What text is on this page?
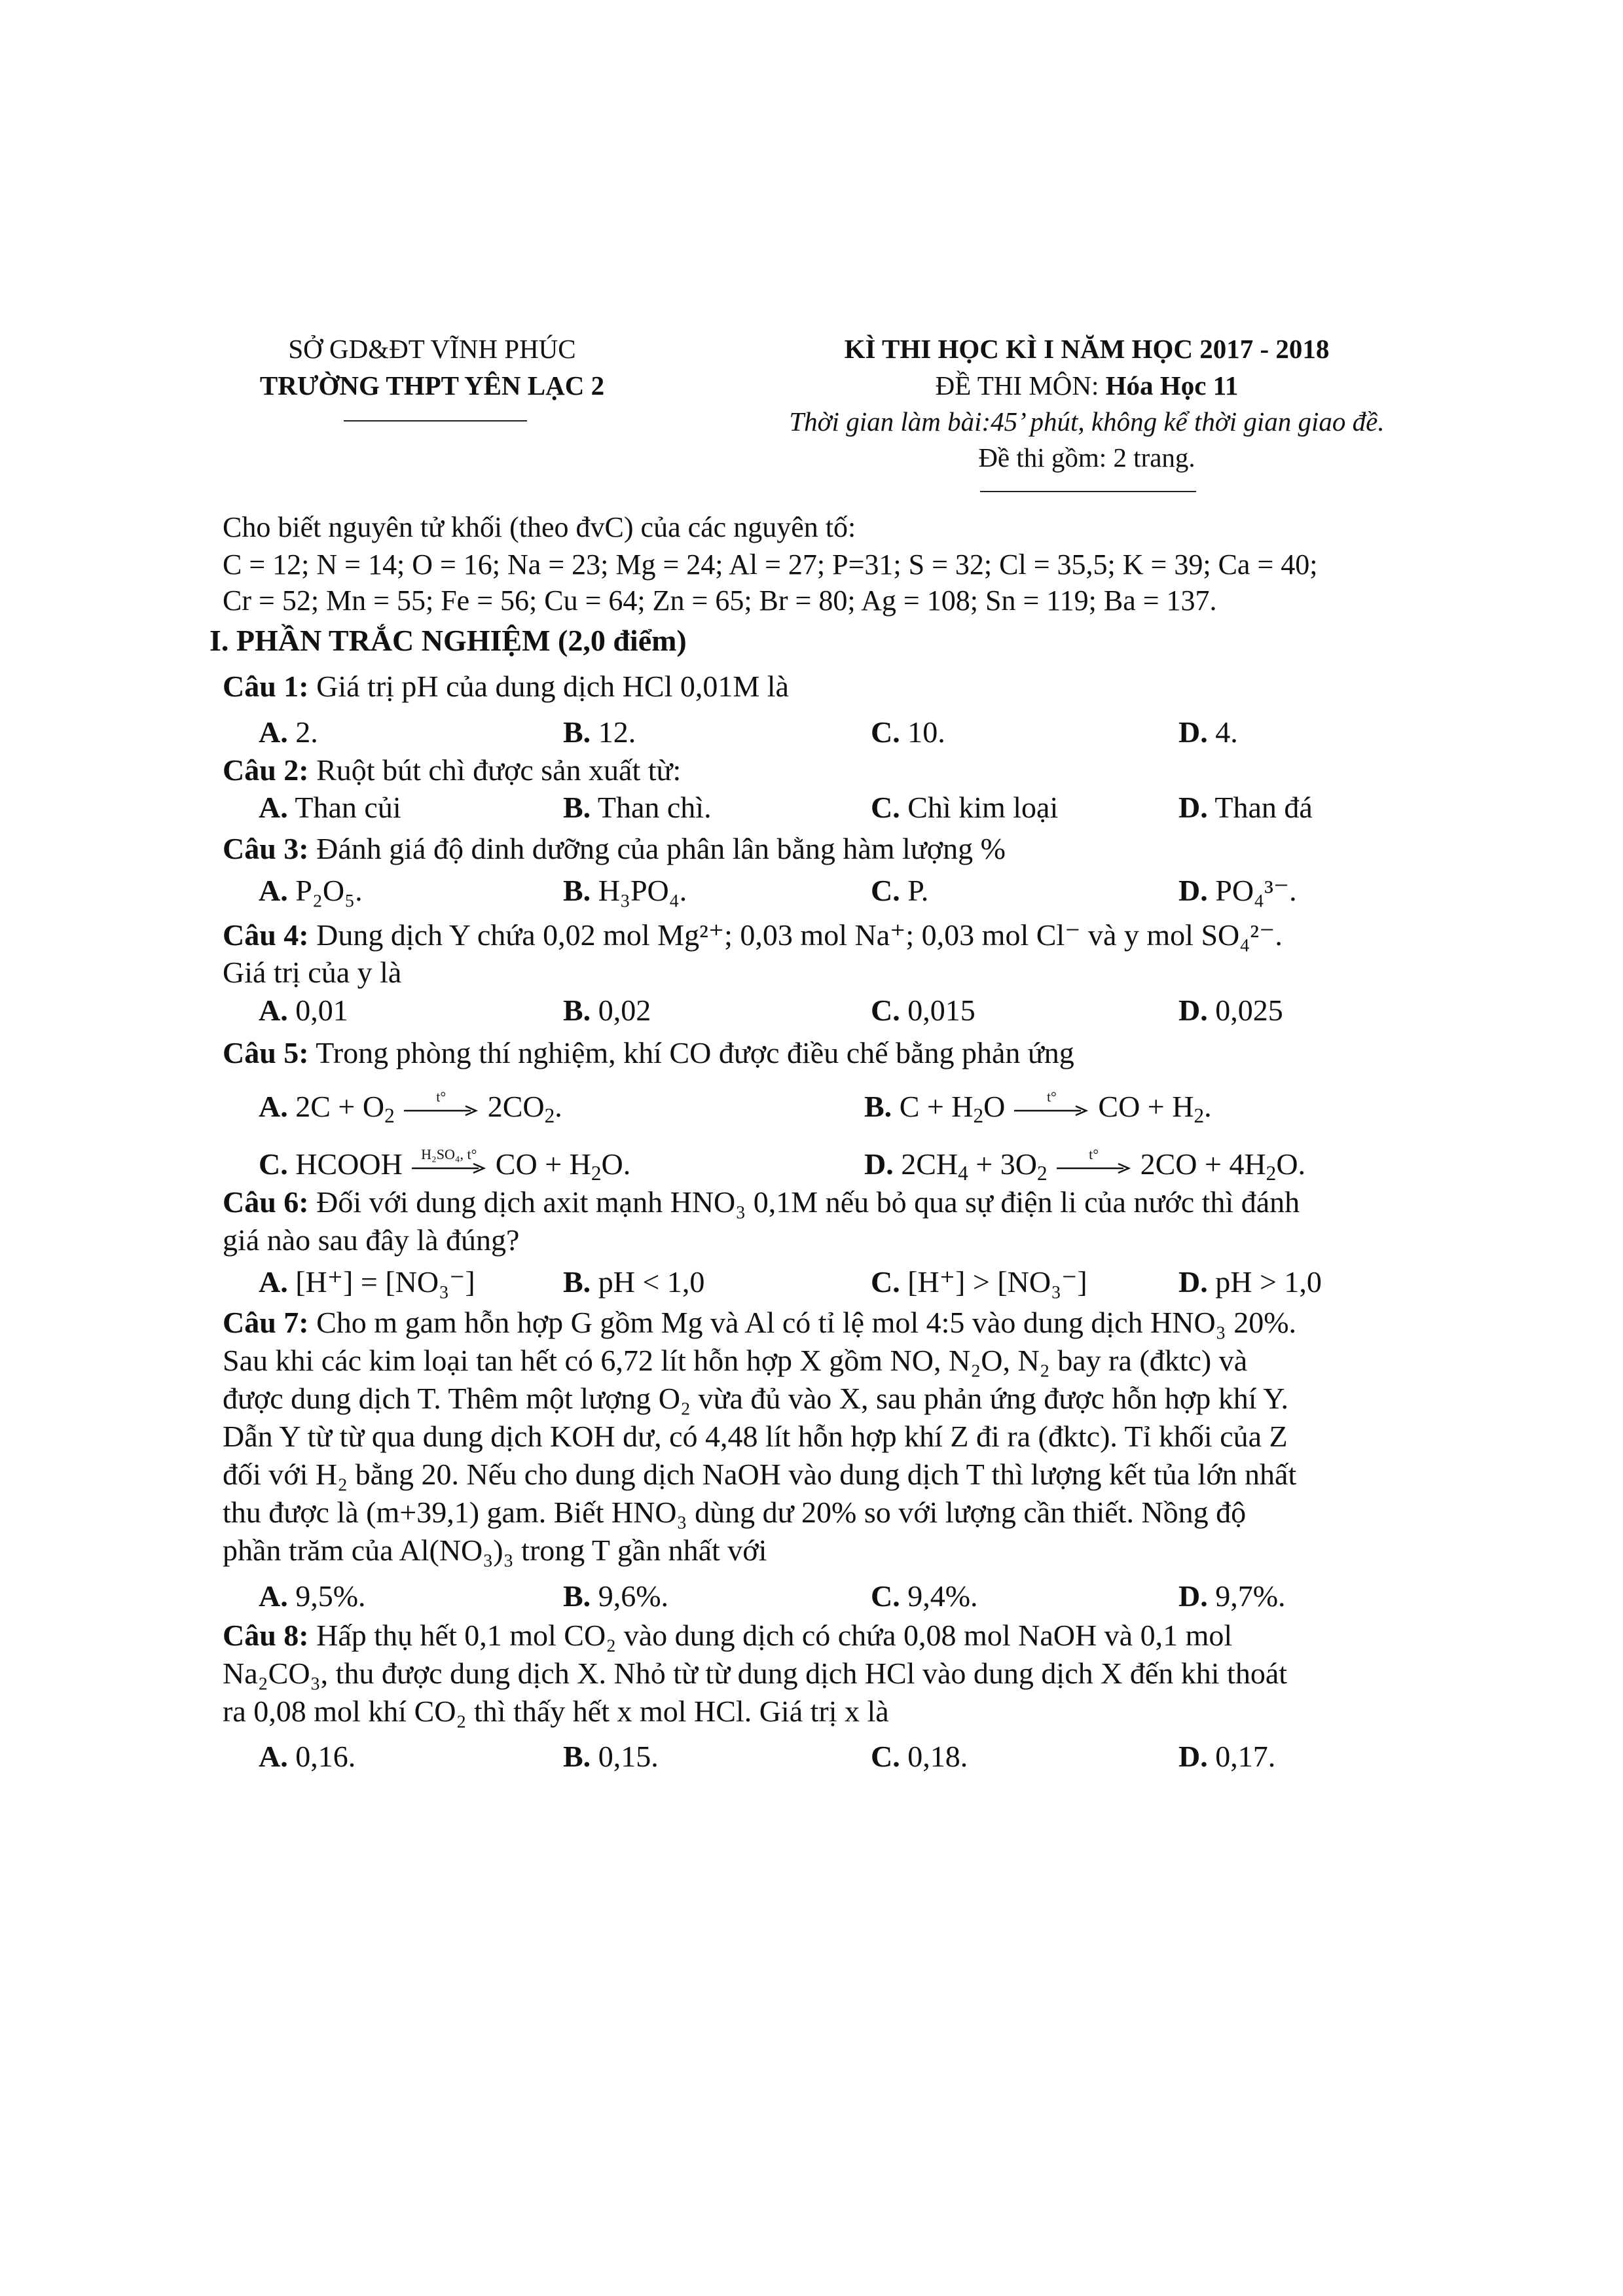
SỞ GD&ĐT VĨNH PHÚC
TRƯỜNG THPT YÊN LẠC 2
KÌ THI HỌC KÌ I NĂM HỌC 2017 - 2018
ĐỀ THI MÔN: Hóa Học 11
Thời gian làm bài:45’ phút, không kể thời gian giao đề.
Đề thi gồm: 2 trang.
Cho biết nguyên tử khối (theo đvC) của các nguyên tố:
C = 12; N = 14; O = 16; Na = 23; Mg = 24; Al = 27; P=31; S = 32; Cl = 35,5; K = 39; Ca = 40;
Cr = 52; Mn = 55; Fe = 56; Cu = 64; Zn = 65; Br = 80; Ag = 108; Sn = 119; Ba = 137.
I. PHẦN TRẮC NGHIỆM (2,0 điểm)
Câu 1: Giá trị pH của dung dịch HCl 0,01M là
A. 2.	B. 12.	C. 10.	D. 4.
Câu 2: Ruột bút chì được sản xuất từ:
A. Than củi	B. Than chì.	C. Chì kim loại	D. Than đá
Câu 3: Đánh giá độ dinh dưỡng của phân lân bằng hàm lượng %
A. P₂O₅.	B. H₃PO₄.	C. P.	D. PO₄³⁻.
Câu 4: Dung dịch Y chứa 0,02 mol Mg²⁺; 0,03 mol Na⁺; 0,03 mol Cl⁻ và y mol SO₄²⁻.
Giá trị của y là
A. 0,01	B. 0,02	C. 0,015	D. 0,025
Câu 5: Trong phòng thí nghiệm, khí CO được điều chế bằng phản ứng
A. $2C + O_2$
t°	$2CO_2$.	B. $C + H_2O$	t°	CO + $H_2$.
C. HCOOH	H₂SO₄, t° CO + $H_2O$.	D. $2CH_4 + 3O_2$
t°	$2CO + 4H_2O$.
Câu 6: Đối với dung dịch axit mạnh HNO₃ 0,1M nếu bỏ qua sự điện li của nước thì đánh
giá nào sau đây là đúng?
A. [H⁺] = [NO₃⁻]	B. pH < 1,0	C. [H⁺] > [NO₃⁻]	D. pH > 1,0
Câu 7: Cho m gam hỗn hợp G gồm Mg và Al có tỉ lệ mol 4:5 vào dung dịch HNO₃ 20%.
Sau khi các kim loại tan hết có 6,72 lít hỗn hợp X gồm NO, N₂O, N₂ bay ra (đktc) và
được dung dịch T. Thêm một lượng O₂ vừa đủ vào X, sau phản ứng được hỗn hợp khí Y.
Dẫn Y từ từ qua dung dịch KOH dư, có 4,48 lít hỗn hợp khí Z đi ra (đktc). Tỉ khối của Z
đối với H₂ bằng 20. Nếu cho dung dịch NaOH vào dung dịch T thì lượng kết tủa lớn nhất
thu được là (m+39,1) gam. Biết HNO₃ dùng dư 20% so với lượng cần thiết. Nồng độ
phần trăm của Al(NO₃)₃ trong T gần nhất với
A. 9,5%.	B. 9,6%.	C. 9,4%.	D. 9,7%.
Câu 8: Hấp thụ hết 0,1 mol CO₂ vào dung dịch có chứa 0,08 mol NaOH và 0,1 mol
Na₂CO₃, thu được dung dịch X. Nhỏ từ từ dung dịch HCl vào dung dịch X đến khi thoát
ra 0,08 mol khí CO₂ thì thấy hết x mol HCl. Giá trị x là
A. 0,16.	B. 0,15.	C. 0,18.	D. 0,17.
